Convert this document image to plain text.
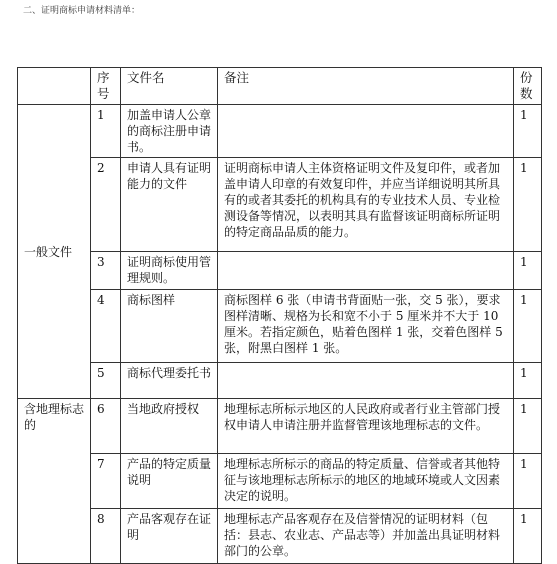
二、证明商标申请材料清单：
	序号	文件名	备注	份数
一般文件	1	加盖申请人公章的商标注册申请书。		1
	2	申请人具有证明能力的文件	证明商标申请人主体资格证明文件及复印件，或者加盖申请人印章的有效复印件，并应当详细说明其所具有的或者其委托的机构具有的专业技术人员、专业检测设备等情况，以表明其具有监督该证明商标所证明的特定商品品质的能力。	1
	3	证明商标使用管理规则。		1
	4	商标图样	商标图样 6 张（申请书背面贴一张，交 5 张），要求图样清晰、规格为长和宽不小于 5 厘米并不大于 10 厘米。若指定颜色，贴着色图样 1 张，交着色图样 5 张，附黑白图样 1 张。	1
	5	商标代理委托书		1
含地理标志的	6	当地政府授权	地理标志所标示地区的人民政府或者行业主管部门授权申请人申请注册并监督管理该地理标志的文件。	1
	7	产品的特定质量说明	地理标志所标示的商品的特定质量、信誉或者其他特征与该地理标志所标示的地区的地域环境或人文因素决定的说明。	1
	8	产品客观存在证明	地理标志产品客观存在及信誉情况的证明材料（包括：县志、农业志、产品志等）并加盖出具证明材料部门的公章。	1
